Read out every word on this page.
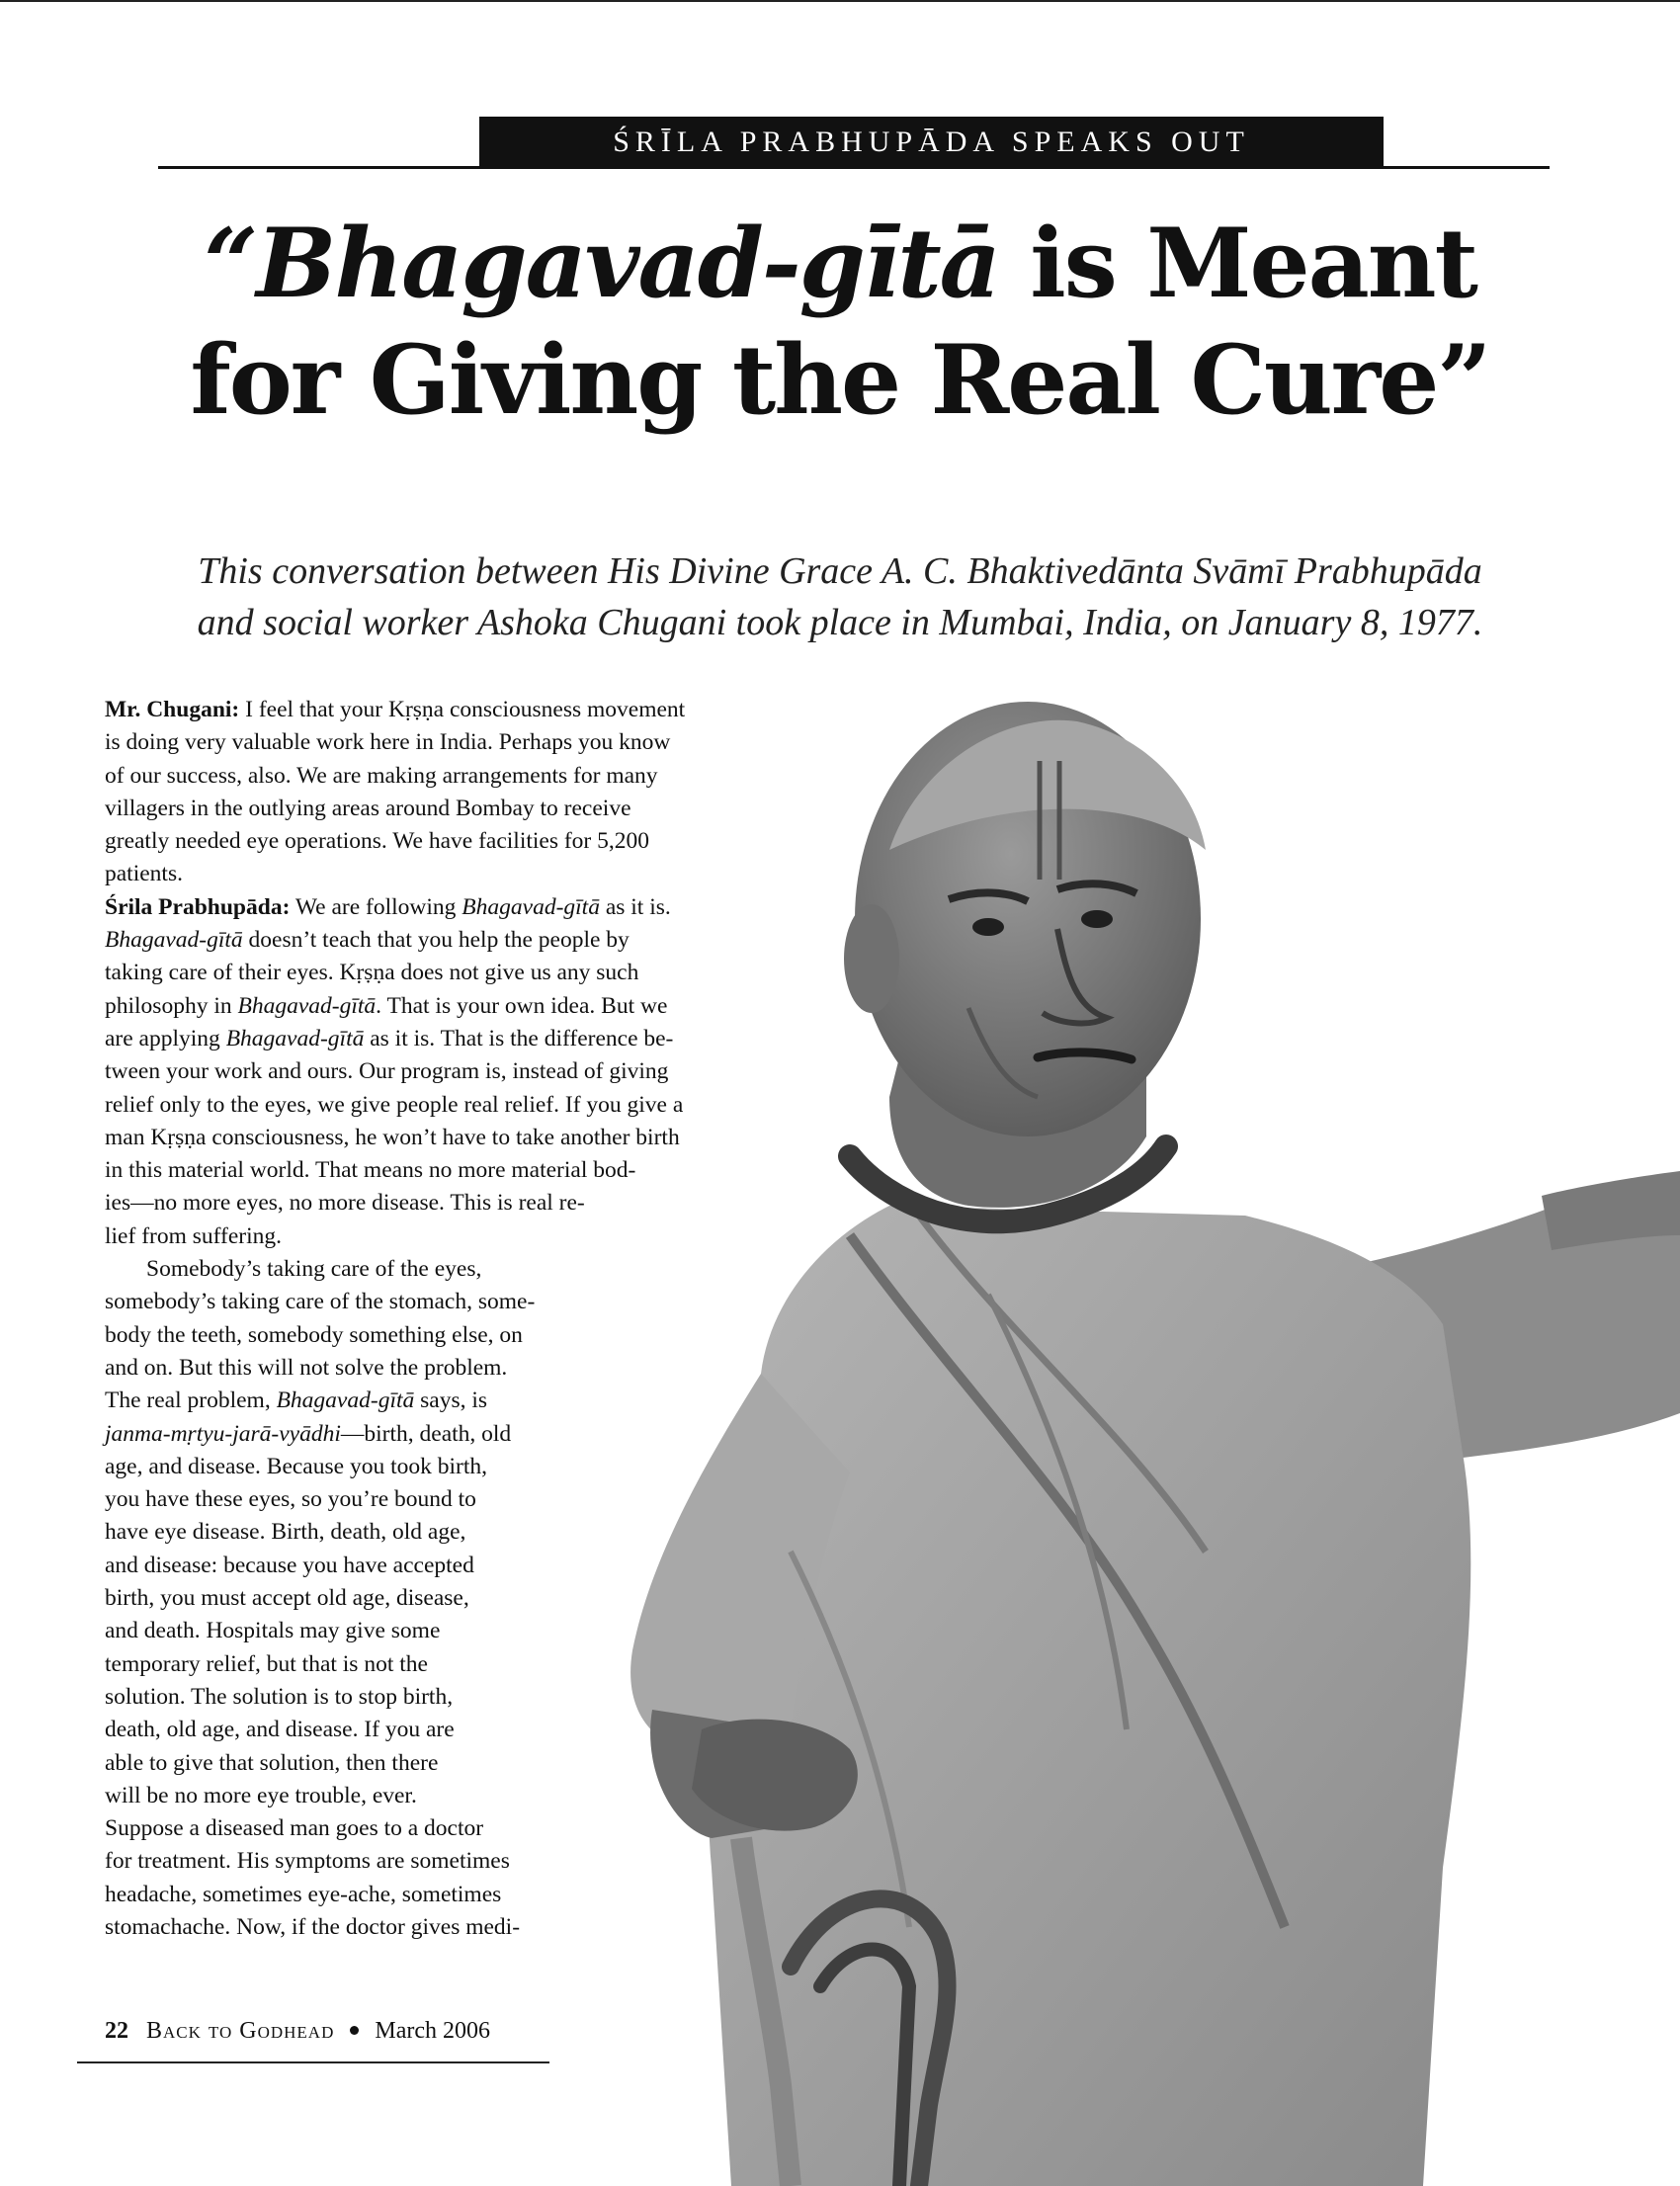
ŚRĪLA PRABHUPĀDA SPEAKS OUT
“Bhagavad-gītā is Meant
for Giving the Real Cure”

This conversation between His Divine Grace A. C. Bhaktivedānta Svāmī Prabhupāda
and social worker Ashoka Chugani took place in Mumbai, India, on January 8, 1977.

Mr. Chugani: I feel that your Kṛṣṇa consciousness movement
is doing very valuable work here in India. Perhaps you know
of our success, also. We are making arrangements for many
villagers in the outlying areas around Bombay to receive
greatly needed eye operations. We have facilities for 5,200
patients.

Śrila Prabhupāda: We are following Bhagavad-gītā as it is.
Bhagavad-gītā doesn’t teach that you help the people by
taking care of their eyes. Kṛṣṇa does not give us any such
philosophy in Bhagavad-gītā. That is your own idea. But we
are applying Bhagavad-gītā as it is. That is the difference be-
tween your work and ours. Our program is, instead of giving
relief only to the eyes, we give people real relief. If you give a
man Kṛṣṇa consciousness, he won’t have to take another birth
in this material world. That means no more material bod-
ies—no more eyes, no more disease. This is real re-
lief from suffering.

Somebody’s taking care of the eyes,
somebody’s taking care of the stomach, some-
body the teeth, somebody something else, on
and on. But this will not solve the problem.
The real problem, Bhagavad-gītā says, is
janma-mṛtyu-jarā-vyādhi—birth, death, old
age, and disease. Because you took birth,
you have these eyes, so you’re bound to
have eye disease. Birth, death, old age,
and disease: because you have accepted
birth, you must accept old age, disease,
and death. Hospitals may give some
temporary relief, but that is not the
solution. The solution is to stop birth,
death, old age, and disease. If you are
able to give that solution, then there
will be no more eye trouble, ever.

Suppose a diseased man goes to a doctor
for treatment. His symptoms are sometimes
headache, sometimes eye-ache, sometimes
stomachache. Now, if the doctor gives medi-

22 Back to Godhead March 2006
